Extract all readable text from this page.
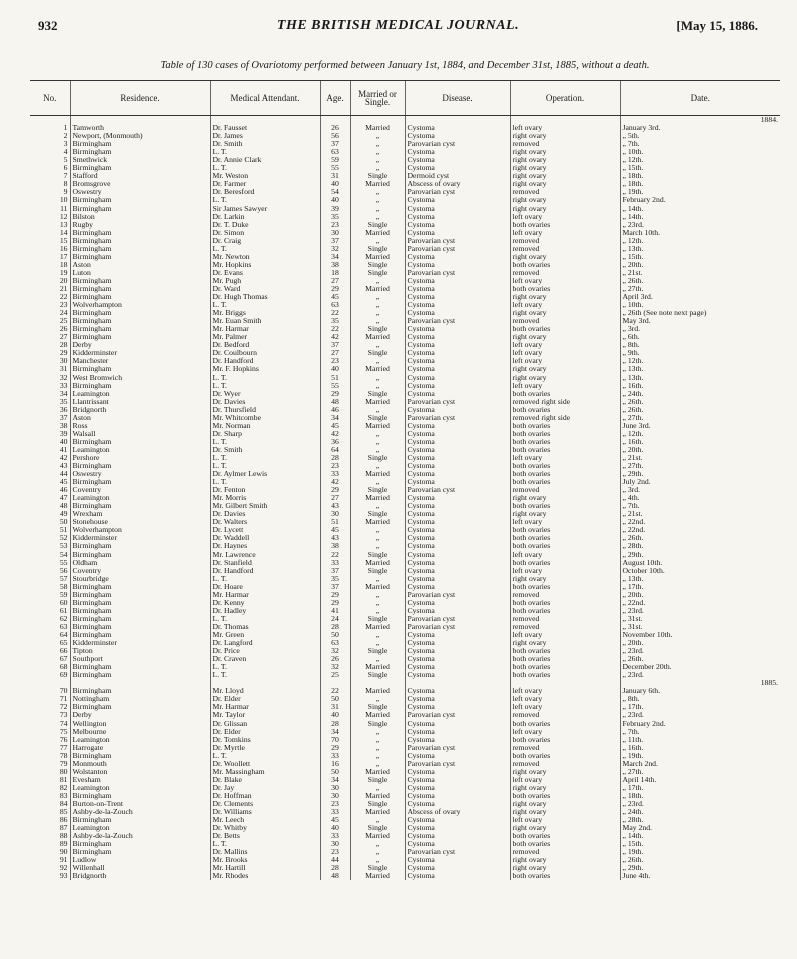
932	THE BRITISH MEDICAL JOURNAL.	[May 15, 1886.
Table of 130 cases of Ovariotomy performed between January 1st, 1884, and December 31st, 1885, without a death.
No.	Residence.	Medical Attendant.	Age.	Married or Single.	Disease.	Operation.	Date.
							1884.
1	Tamworth	Dr. Fausset	26	Married	Cystoma	left ovary	January 3rd.
2	Newport, (Monmouth)	Dr. James	56	„	Cystoma	right ovary	„ 5th.
3	Birmingham	Dr. Smith	37	„	Parovarian cyst	removed	„ 7th.
4	Birmingham	L. T.	63	„	Cystoma	right ovary	„ 10th.
5	Smethwick	Dr. Annie Clark	59	„	Cystoma	right ovary	„ 12th.
6	Birmingham	L. T.	55	„	Cystoma	right ovary	„ 15th.
7	Stafford	Mr. Weston	31	Single	Dermoid cyst	right ovary	„ 18th.
8	Bromsgrove	Dr. Farmer	40	Married	Abscess of ovary	right ovary	„ 18th.
9	Oswestry	Dr. Beresford	54	„	Parovarian cyst	removed	„ 19th.
10	Birmingham	L. T.	40	„	Cystoma	right ovary	February 2nd.
11	Birmingham	Sir James Sawyer	39	„	Cystoma	right ovary	„ 14th.
12	Bilston	Dr. Larkin	35	„	Cystoma	left ovary	„ 14th.
13	Rugby	Dr. T. Duke	23	Single	Cystoma	both ovaries	„ 23rd.
14	Birmingham	Dr. Simon	30	Married	Cystoma	left ovary	March 10th.
15	Birmingham	Dr. Craig	37	„	Parovarian cyst	removed	„ 12th.
16	Birmingham	L. T.	32	Single	Parovarian cyst	removed	„ 13th.
17	Birmingham	Mr. Newton	34	Married	Cystoma	right ovary	„ 15th.
18	Aston	Mr. Hopkins	38	Single	Cystoma	both ovaries	„ 20th.
19	Luton	Dr. Evans	18	Single	Parovarian cyst	removed	„ 21st.
20	Birmingham	Mr. Pugh	27	„	Cystoma	left ovary	„ 26th.
21	Birmingham	Dr. Ward	29	Married	Cystoma	both ovaries	„ 27th.
22	Birmingham	Dr. Hugh Thomas	45	„	Cystoma	right ovary	April 3rd.
23	Wolverhampton	L. T.	63	„	Cystoma	left ovary	„ 10th.
24	Birmingham	Mr. Briggs	22	„	Cystoma	right ovary	„ 26th (See note next page)
25	Birmingham	Mr. Euan Smith	35	„	Parovarian cyst	removed	May 3rd.
26	Birmingham	Mr. Harmar	22	Single	Cystoma	both ovaries	„ 3rd.
27	Birmingham	Mr. Palmer	42	Married	Cystoma	right ovary	„ 6th.
28	Derby	Dr. Bedford	37	„	Cystoma	left ovary	„ 8th.
29	Kidderminster	Dr. Coulbourn	27	Single	Cystoma	left ovary	„ 9th.
30	Manchester	Dr. Handford	23	„	Cystoma	left ovary	„ 12th.
31	Birmingham	Mr. F. Hopkins	40	Married	Cystoma	right ovary	„ 13th.
32	West Bromwich	L. T.	51	„	Cystoma	right ovary	„ 13th.
33	Birmingham	L. T.	55	„	Cystoma	left ovary	„ 16th.
34	Leamington	Dr. Wyer	29	Single	Cystoma	both ovaries	„ 24th.
35	Llantrissant	Dr. Davies	48	Married	Parovarian cyst	removed right side	„ 26th.
36	Bridgnorth	Dr. Thursfield	46	„	Cystoma	both ovaries	„ 26th.
37	Aston	Mr. Whitcombe	34	Single	Parovarian cyst	removed right side	„ 27th.
38	Ross	Mr. Norman	45	Married	Cystoma	both ovaries	June 3rd.
39	Walsall	Dr. Sharp	42	„	Cystoma	both ovaries	„ 12th.
40	Birmingham	L. T.	36	„	Cystoma	both ovaries	„ 16th.
41	Leamington	Dr. Smith	64	„	Cystoma	both ovaries	„ 20th.
42	Pershore	L. T.	28	Single	Cystoma	left ovary	„ 21st.
43	Birmingham	L. T.	23	„	Cystoma	both ovaries	„ 27th.
44	Oswestry	Dr. Aylmer Lewis	33	Married	Cystoma	both ovaries	„ 29th.
45	Birmingham	L. T.	42	„	Cystoma	both ovaries	July 2nd.
46	Coventry	Dr. Fenton	29	Single	Parovarian cyst	removed	„ 3rd.
47	Leamington	Mr. Morris	27	Married	Cystoma	right ovary	„ 4th.
48	Birmingham	Mr. Gilbert Smith	43	„	Cystoma	both ovaries	„ 7th.
49	Wrexham	Dr. Davies	30	Single	Cystoma	right ovary	„ 21st.
50	Stonehouse	Dr. Walters	51	Married	Cystoma	left ovary	„ 22nd.
51	Wolverhampton	Dr. Lycett	45	„	Cystoma	both ovaries	„ 22nd.
52	Kidderminster	Dr. Waddell	43	„	Cystoma	both ovaries	„ 26th.
53	Birmingham	Dr. Haynes	38	„	Cystoma	both ovaries	„ 28th.
54	Birmingham	Mr. Lawrence	22	Single	Cystoma	left ovary	„ 29th.
55	Oldham	Dr. Stanfield	33	Married	Cystoma	both ovaries	August 10th.
56	Coventry	Dr. Handford	37	Single	Cystoma	left ovary	October 10th.
57	Stourbridge	L. T.	35	„	Cystoma	right ovary	„ 13th.
58	Birmingham	Dr. Hoare	37	Married	Cystoma	both ovaries	„ 17th.
59	Birmingham	Mr. Harmar	29	„	Parovarian cyst	removed	„ 20th.
60	Birmingham	Dr. Kenny	29	„	Cystoma	both ovaries	„ 22nd.
61	Birmingham	Dr. Hadley	41	„	Cystoma	both ovaries	„ 23rd.
62	Birmingham	L. T.	24	Single	Parovarian cyst	removed	„ 31st.
63	Birmingham	Dr. Thomas	28	Married	Parovarian cyst	removed	„ 31st.
64	Birmingham	Mr. Green	50	„	Cystoma	left ovary	November 10th.
65	Kidderminster	Dr. Langford	63	„	Cystoma	right ovary	„ 20th.
66	Tipton	Dr. Price	32	Single	Cystoma	both ovaries	„ 23rd.
67	Southport	Dr. Craven	26	„	Cystoma	both ovaries	„ 26th.
68	Birmingham	L. T.	32	Married	Cystoma	both ovaries	December 20th.
69	Birmingham	L. T.	25	Single	Cystoma	both ovaries	„ 23rd.
							1885.
70	Birmingham	Mr. Lloyd	22	Married	Cystoma	left ovary	January 6th.
71	Nottingham	Dr. Elder	50	„	Cystoma	left ovary	„ 8th.
72	Birmingham	Mr. Harmar	31	Single	Cystoma	left ovary	„ 17th.
73	Derby	Mr. Taylor	40	Married	Parovarian cyst	removed	„ 23rd.
74	Wellington	Dr. Glissan	28	Single	Cystoma	both ovaries	February 2nd.
75	Melbourne	Dr. Elder	34	„	Cystoma	left ovary	„ 7th.
76	Leamington	Dr. Tomkins	70	„	Cystoma	both ovaries	„ 11th.
77	Harrogate	Dr. Myrtle	29	„	Parovarian cyst	removed	„ 16th.
78	Birmingham	L. T.	33	„	Cystoma	both ovaries	„ 19th.
79	Monmouth	Dr. Woollett	16	„	Parovarian cyst	removed	March 2nd.
80	Wolstanton	Mr. Massingham	50	Married	Cystoma	right ovary	„ 27th.
81	Evesham	Dr. Blake	34	Single	Cystoma	left ovary	April 14th.
82	Leamington	Dr. Jay	30	„	Cystoma	right ovary	„ 17th.
83	Birmingham	Dr. Hoffman	30	Married	Cystoma	both ovaries	„ 18th.
84	Burton-on-Trent	Dr. Clements	23	Single	Cystoma	right ovary	„ 23rd.
85	Ashby-de-la-Zouch	Dr. Williams	33	Married	Abscess of ovary	right ovary	„ 24th.
86	Birmingham	Mr. Leech	45	„	Cystoma	left ovary	„ 28th.
87	Leamington	Dr. Whitby	40	Single	Cystoma	right ovary	May 2nd.
88	Ashby-de-la-Zouch	Dr. Betts	33	Married	Cystoma	both ovaries	„ 14th.
89	Birmingham	L. T.	30	„	Cystoma	both ovaries	„ 15th.
90	Birmingham	Dr. Mallins	23	„	Parovarian cyst	removed	„ 19th.
91	Ludlow	Mr. Brooks	44	„	Cystoma	right ovary	„ 26th.
92	Willenhall	Mr. Hartill	28	Single	Cystoma	right ovary	„ 29th.
93	Bridgnorth	Mr. Rhodes	48	Married	Cystoma	both ovaries	June 4th.
